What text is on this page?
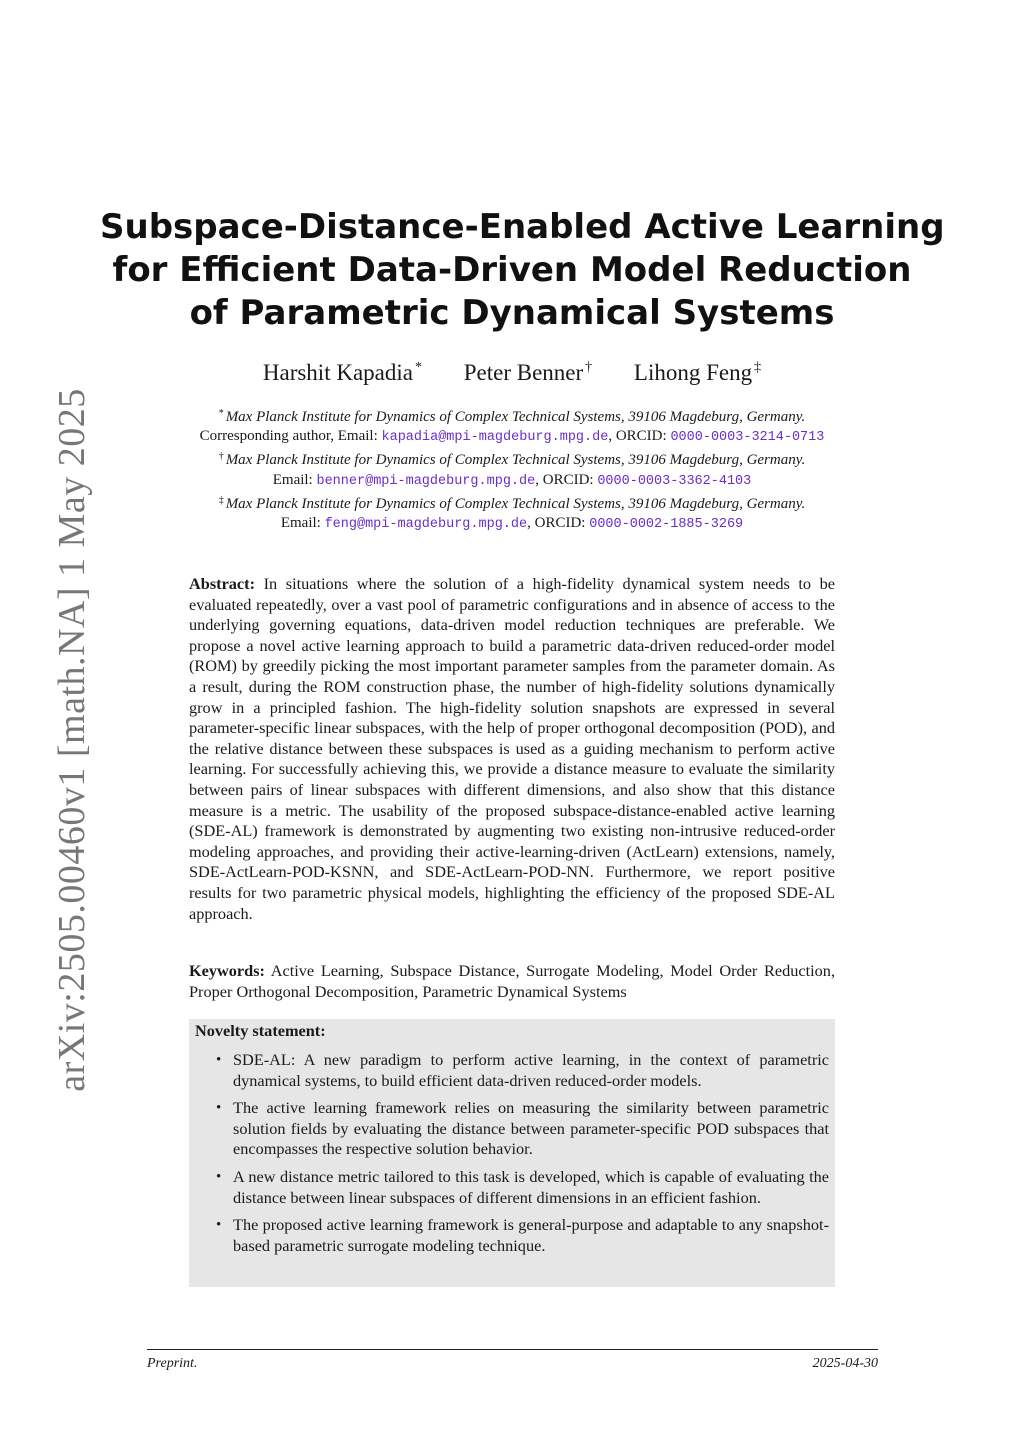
arXiv:2505.00460v1 [math.NA] 1 May 2025
Subspace-Distance-Enabled Active Learning
for Efficient Data-Driven Model Reduction
of Parametric Dynamical Systems
Harshit Kapadia * Peter Benner † Lihong Feng ‡
* Max Planck Institute for Dynamics of Complex Technical Systems, 39106 Magdeburg, Germany.
Corresponding author, Email: kapadia@mpi-magdeburg.mpg.de, ORCID: 0000-0003-3214-0713
† Max Planck Institute for Dynamics of Complex Technical Systems, 39106 Magdeburg, Germany.
Email: benner@mpi-magdeburg.mpg.de, ORCID: 0000-0003-3362-4103
‡ Max Planck Institute for Dynamics of Complex Technical Systems, 39106 Magdeburg, Germany.
Email: feng@mpi-magdeburg.mpg.de, ORCID: 0000-0002-1885-3269
Abstract: In situations where the solution of a high-fidelity dynamical system needs to be evaluated repeatedly, over a vast pool of parametric configurations and in absence of access to the underlying governing equations, data-driven model reduction techniques are preferable. We propose a novel active learning approach to build a parametric data-driven reduced-order model (ROM) by greedily picking the most important parameter samples from the parameter domain. As a result, during the ROM construction phase, the number of high-fidelity solutions dynamically grow in a principled fashion. The high-fidelity solution snapshots are expressed in several parameter-specific linear subspaces, with the help of proper orthogonal decomposition (POD), and the relative distance between these subspaces is used as a guiding mechanism to perform active learning. For successfully achieving this, we provide a distance measure to evaluate the similarity between pairs of linear subspaces with different dimensions, and also show that this distance measure is a metric. The usability of the proposed subspace-distance-enabled active learning (SDE-AL) framework is demonstrated by augmenting two existing non-intrusive reduced-order modeling approaches, and providing their active-learning-driven (ActLearn) extensions, namely, SDE-ActLearn-POD-KSNN, and SDE-ActLearn-POD-NN. Furthermore, we report positive results for two parametric physical models, highlighting the efficiency of the proposed SDE-AL approach.
Keywords: Active Learning, Subspace Distance, Surrogate Modeling, Model Order Reduction, Proper Orthogonal Decomposition, Parametric Dynamical Systems
Novelty statement:
• SDE-AL: A new paradigm to perform active learning, in the context of parametric dynamical systems, to build efficient data-driven reduced-order models.
• The active learning framework relies on measuring the similarity between parametric solution fields by evaluating the distance between parameter-specific POD subspaces that encompasses the respective solution behavior.
• A new distance metric tailored to this task is developed, which is capable of evaluating the distance between linear subspaces of different dimensions in an efficient fashion.
• The proposed active learning framework is general-purpose and adaptable to any snapshot-based parametric surrogate modeling technique.
Preprint.	2025-04-30
